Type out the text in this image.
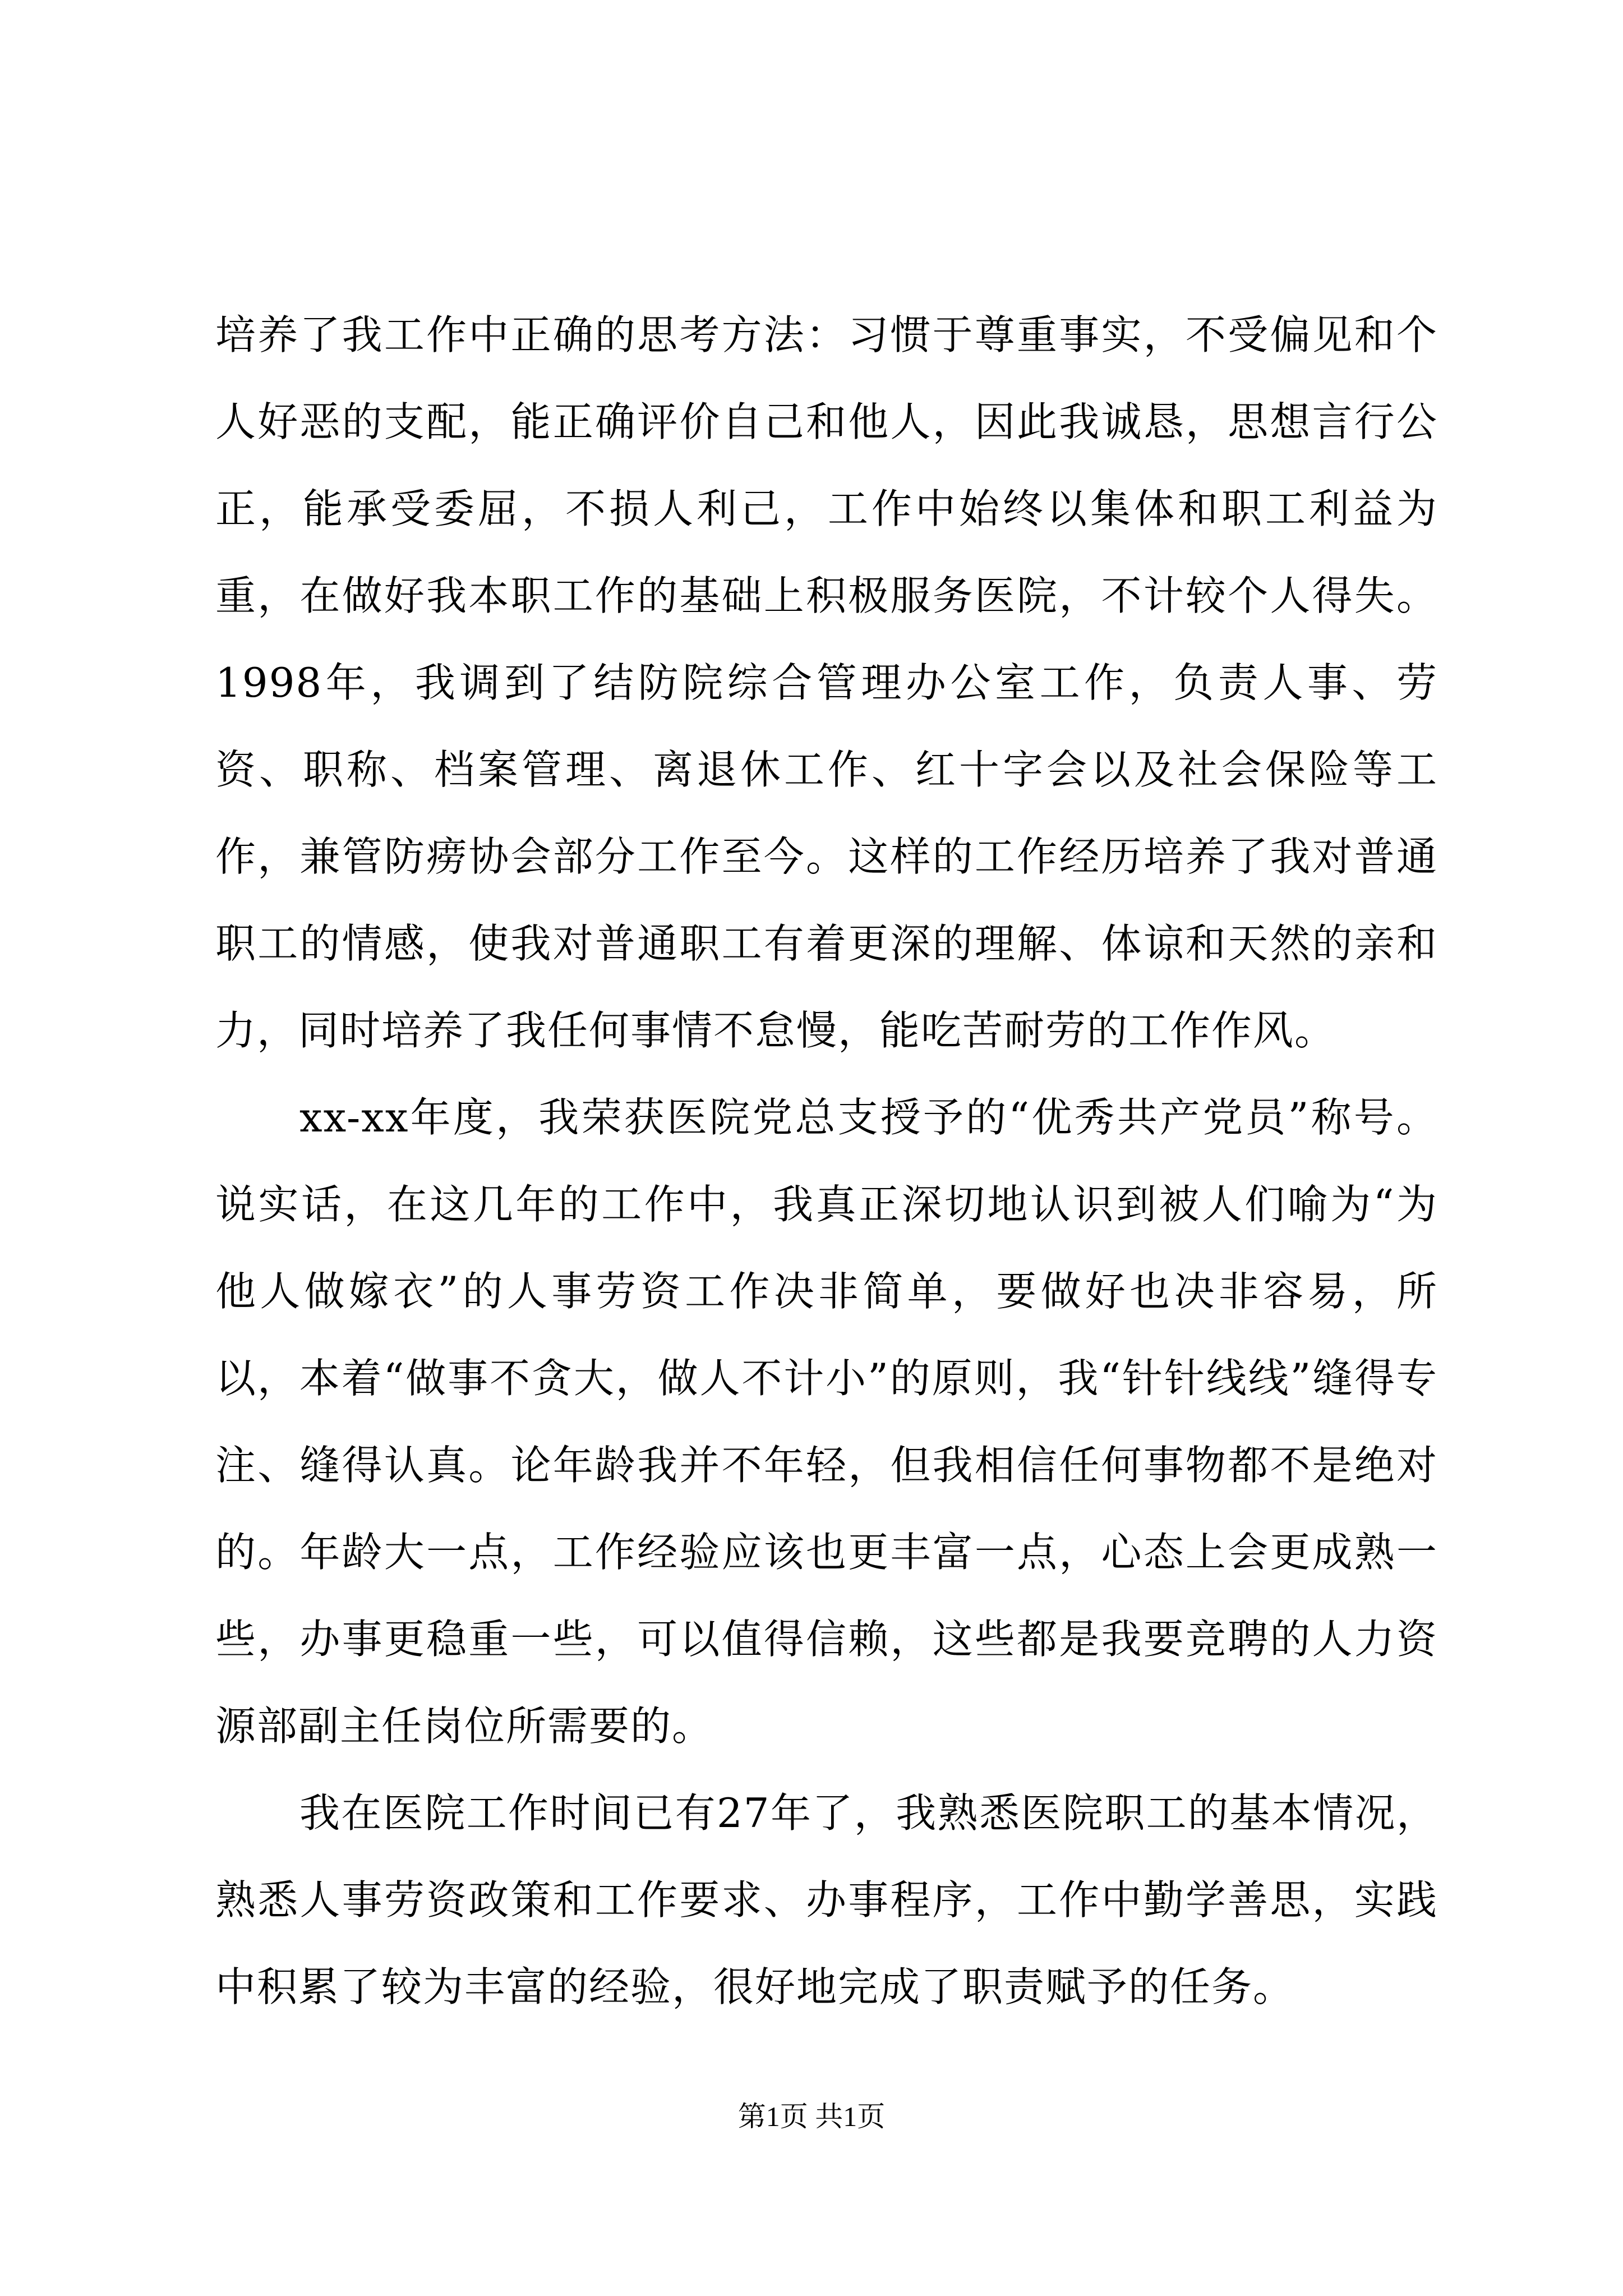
培养了我工作中正确的思考方法：习惯于尊重事实，不受偏见和个人好恶的支配，能正确评价自己和他人，因此我诚恳，思想言行公正，能承受委屈，不损人利己，工作中始终以集体和职工利益为重，在做好我本职工作的基础上积极服务医院，不计较个人得失。1998年，我调到了结防院综合管理办公室工作，负责人事、劳资、职称、档案管理、离退休工作、红十字会以及社会保险等工作，兼管防痨协会部分工作至今。这样的工作经历培养了我对普通职工的情感，使我对普通职工有着更深的理解、体谅和天然的亲和力，同时培养了我任何事情不怠慢，能吃苦耐劳的工作作风。

xx-xx年度，我荣获医院党总支授予的“优秀共产党员”称号。说实话，在这几年的工作中，我真正深切地认识到被人们喻为“为他人做嫁衣”的人事劳资工作决非简单，要做好也决非容易，所以，本着“做事不贪大，做人不计小”的原则，我“针针线线”缝得专注、缝得认真。论年龄我并不年轻，但我相信任何事物都不是绝对的。年龄大一点，工作经验应该也更丰富一点，心态上会更成熟一些，办事更稳重一些，可以值得信赖，这些都是我要竞聘的人力资源部副主任岗位所需要的。

我在医院工作时间已有27年了，我熟悉医院职工的基本情况，熟悉人事劳资政策和工作要求、办事程序，工作中勤学善思，实践中积累了较为丰富的经验，很好地完成了职责赋予的任务。

第1页 共1页
